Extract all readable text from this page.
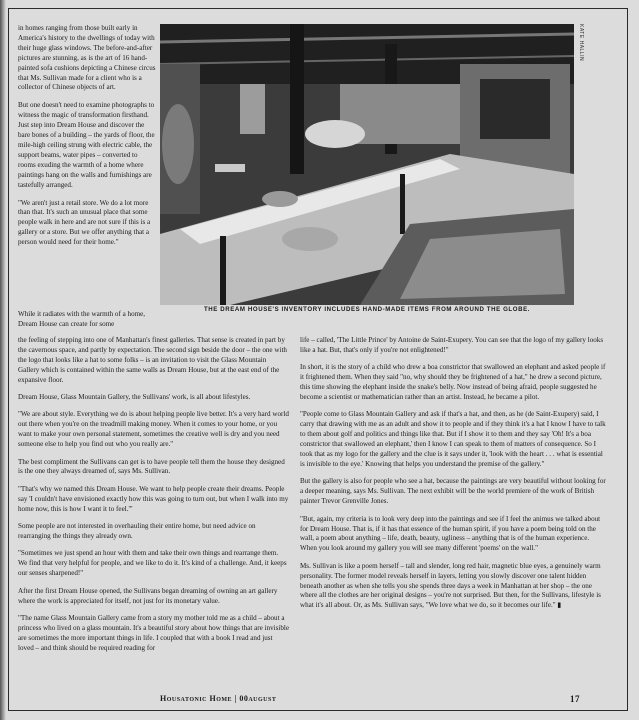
in homes ranging from those built early in America's history to the dwellings of today with their huge glass windows. The before-and-after pictures are stunning, as is the art of 16 hand-painted sofa cushions depicting a Chinese circus that Ms. Sullivan made for a client who is a collector of Chinese objects of art.

But one doesn't need to examine photographs to witness the magic of transformation firsthand. Just step into Dream House and discover the bare bones of a building – the yards of floor, the mile-high ceiling strung with electric cable, the support beams, water pipes – converted to rooms exuding the warmth of a home where paintings hang on the walls and furnishings are tastefully arranged.

"We aren't just a retail store. We do a lot more than that. It's such an unusual place that some people walk in here and are not sure if this is a gallery or a store. But we offer anything that a person would need for their home."

KATE HALLIN
THE DREAM HOUSE'S INVENTORY INCLUDES HAND-MADE ITEMS FROM AROUND THE GLOBE.
While it radiates with the warmth of a home, Dream House can create for some

the feeling of stepping into one of Manhattan's finest galleries. That sense is created in part by the cavernous space, and partly by expectation. The second sign beside the door – the one with the logo that looks like a hat to some folks – is an invitation to visit the Glass Mountain Gallery which is contained within the same walls as Dream House, but at the east end of the expansive floor.

Dream House, Glass Mountain Gallery, the Sullivans' work, is all about lifestyles.

"We are about style. Everything we do is about helping people live better. It's a very hard world out there when you're on the treadmill making money. When it comes to your home, or you want to make your own personal statement, sometimes the creative well is dry and you need someone else to help you find out who you really are."

The best compliment the Sullivans can get is to have people tell them the house they designed is the one they always dreamed of, says Ms. Sullivan.

"That's why we named this Dream House. We want to help people create their dreams. People say 'I couldn't have envisioned exactly how this was going to turn out, but when I walk into my home now, this is how I want it to feel.'"

Some people are not interested in overhauling their entire home, but need advice on rearranging the things they already own.

"Sometimes we just spend an hour with them and take their own things and rearrange them. We find that very helpful for people, and we like to do it. It's kind of a challenge. And, it keeps our senses sharpened!"

After the first Dream House opened, the Sullivans began dreaming of owning an art gallery where the work is appreciated for itself, not just for its monetary value.

"The name Glass Mountain Gallery came from a story my mother told me as a child – about a princess who lived on a glass mountain. It's a beautiful story about how things that are invisible are sometimes the more important things in life. I coupled that with a book I read and just loved – and think should be required reading for

life – called, 'The Little Prince' by Antoine de Saint-Exupery. You can see that the logo of my gallery looks like a hat. But, that's only if you're not enlightened!"

In short, it is the story of a child who drew a boa constrictor that swallowed an elephant and asked people if it frightened them. When they said "no, why should they be frightened of a hat," he drew a second picture, this time showing the elephant inside the snake's belly. Now instead of being afraid, people suggested he become a scientist or mathematician rather than an artist. Instead, he became a pilot.

"People come to Glass Mountain Gallery and ask if that's a hat, and then, as he (de Saint-Exupery) said, I carry that drawing with me as an adult and show it to people and if they think it's a hat I know I have to talk to them about golf and politics and things like that. But if I show it to them and they say 'Oh! It's a boa constrictor that swallowed an elephant,' then I know I can speak to them of matters of consequence. So I took that as my logo for the gallery and the clue is it says under it, 'look with the heart . . . what is essential is invisible to the eye.' Knowing that helps you understand the premise of the gallery."

But the gallery is also for people who see a hat, because the paintings are very beautiful without looking for a deeper meaning, says Ms. Sullivan. The next exhibit will be the world premiere of the work of British painter Trevor Grenville Jones.

"But, again, my criteria is to look very deep into the paintings and see if I feel the animus we talked about for Dream House. That is, if it has that essence of the human spirit, if you have a poem being told on the wall, a poem about anything – life, death, beauty, ugliness – anything that is of the human experience. When you look around my gallery you will see many different 'poems' on the wall."

Ms. Sullivan is like a poem herself – tall and slender, long red hair, magnetic blue eyes, a genuinely warm personality. The former model reveals herself in layers, letting you slowly discover one talent hidden beneath another as when she tells you she spends three days a week in Manhattan at her shop – the one where all the clothes are her original designs – you're not surprised. But then, for the Sullivans, lifestyle is what it's all about. Or, as Ms. Sullivan says, "We love what we do, so it becomes our life." ▮

Housatonic Home | 00august	17
